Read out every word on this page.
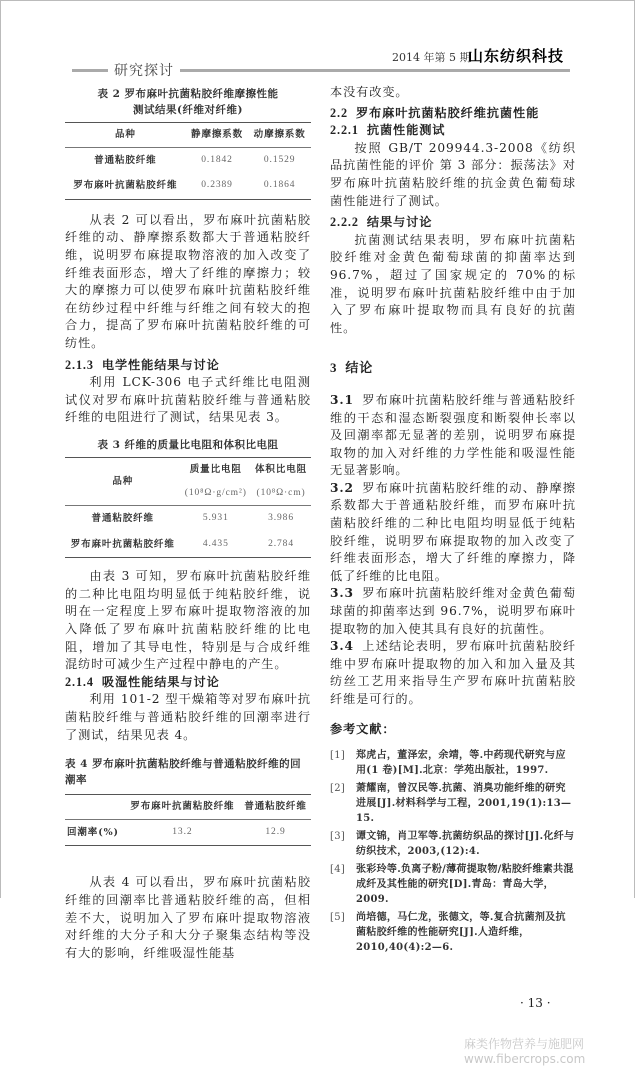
研究探讨
2014 年第 5 期
山东纺织科技
表 2 罗布麻叶抗菌粘胶纤维摩擦性能
测试结果(纤维对纤维)
品种	静摩擦系数	动摩擦系数
普通粘胶纤维	0.1842	0.1529
罗布麻叶抗菌粘胶纤维	0.2389	0.1864

从表 2 可以看出，罗布麻叶抗菌粘胶纤维的动、静摩擦系数都大于普通粘胶纤维，说明罗布麻提取物溶液的加入改变了纤维表面形态，增大了纤维的摩擦力；较大的摩擦力可以使罗布麻叶抗菌粘胶纤维在纺纱过程中纤维与纤维之间有较大的抱合力，提高了罗布麻叶抗菌粘胶纤维的可纺性。

2.1.3 电学性能结果与讨论

利用 LCK-306 电子式纤维比电阻测试仪对罗布麻叶抗菌粘胶纤维与普通粘胶纤维的电阻进行了测试，结果见表 3。

表 3 纤维的质量比电阻和体积比电阻
品种	质量比电阻	体积比电阻
	(10⁸Ω·g/cm²)	(10⁸Ω·cm)
普通粘胶纤维	5.931	3.986
罗布麻叶抗菌粘胶纤维	4.435	2.784

由表 3 可知，罗布麻叶抗菌粘胶纤维的二种比电阻均明显低于纯粘胶纤维，说明在一定程度上罗布麻叶提取物溶液的加入降低了罗布麻叶抗菌粘胶纤维的比电阻，增加了其导电性，特别是与合成纤维混纺时可减少生产过程中静电的产生。

2.1.4 吸湿性能结果与讨论

利用 101-2 型干燥箱等对罗布麻叶抗菌粘胶纤维与普通粘胶纤维的回潮率进行了测试，结果见表 4。

表 4 罗布麻叶抗菌粘胶纤维与普通粘胶纤维的回潮率
	罗布麻叶抗菌粘胶纤维	普通粘胶纤维
回潮率(%)	13.2	12.9

从表 4 可以看出，罗布麻叶抗菌粘胶纤维的回潮率比普通粘胶纤维的高，但相差不大，说明加入了罗布麻叶提取物溶液对纤维的大分子和大分子聚集态结构等没有大的影响，纤维吸湿性能基

本没有改变。

2.2 罗布麻叶抗菌粘胶纤维抗菌性能
2.2.1 抗菌性能测试

按照 GB/T 209944.3-2008《纺织品抗菌性能的评价 第 3 部分：振荡法》对罗布麻叶抗菌粘胶纤维的抗金黄色葡萄球菌性能进行了测试。

2.2.2 结果与讨论

抗菌测试结果表明，罗布麻叶抗菌粘胶纤维对金黄色葡萄球菌的抑菌率达到 96.7%，超过了国家规定的 70%的标准，说明罗布麻叶抗菌粘胶纤维中由于加入了罗布麻叶提取物而具有良好的抗菌性。

3 结论

3.1 罗布麻叶抗菌粘胶纤维与普通粘胶纤维的干态和湿态断裂强度和断裂伸长率以及回潮率都无显著的差别，说明罗布麻提取物的加入对纤维的力学性能和吸湿性能无显著影响。

3.2 罗布麻叶抗菌粘胶纤维的动、静摩擦系数都大于普通粘胶纤维，而罗布麻叶抗菌粘胶纤维的二种比电阻均明显低于纯粘胶纤维，说明罗布麻提取物的加入改变了纤维表面形态，增大了纤维的摩擦力，降低了纤维的比电阻。

3.3 罗布麻叶抗菌粘胶纤维对金黄色葡萄球菌的抑菌率达到 96.7%，说明罗布麻叶提取物的加入使其具有良好的抗菌性。

3.4 上述结论表明，罗布麻叶抗菌粘胶纤维中罗布麻叶提取物的加入和加入量及其纺丝工艺用来指导生产罗布麻叶抗菌粘胶纤维是可行的。

参考文献：
[1]	郑虎占，董泽宏，余靖，等.中药现代研究与应用(1 卷)[M].北京：学苑出版社，1997.
[2]	萧耀南，曾汉民等.抗菌、消臭功能纤维的研究进展[J].材料科学与工程，2001,19(1):13—15.
[3]	谭文锦，肖卫军等.抗菌纺织品的探讨[J].化纤与纺织技术，2003,(12):4.
[4]	张彩玲等.负离子粉/薄荷提取物/粘胶纤维素共混成纤及其性能的研究[D].青岛：青岛大学，2009.
[5]	尚培德，马仁龙，张德文，等.复合抗菌剂及抗菌粘胶纤维的性能研究[J].人造纤维，2010,40(4):2—6.
· 13 ·
麻类作物营养与施肥网
www.fibercrops.com
